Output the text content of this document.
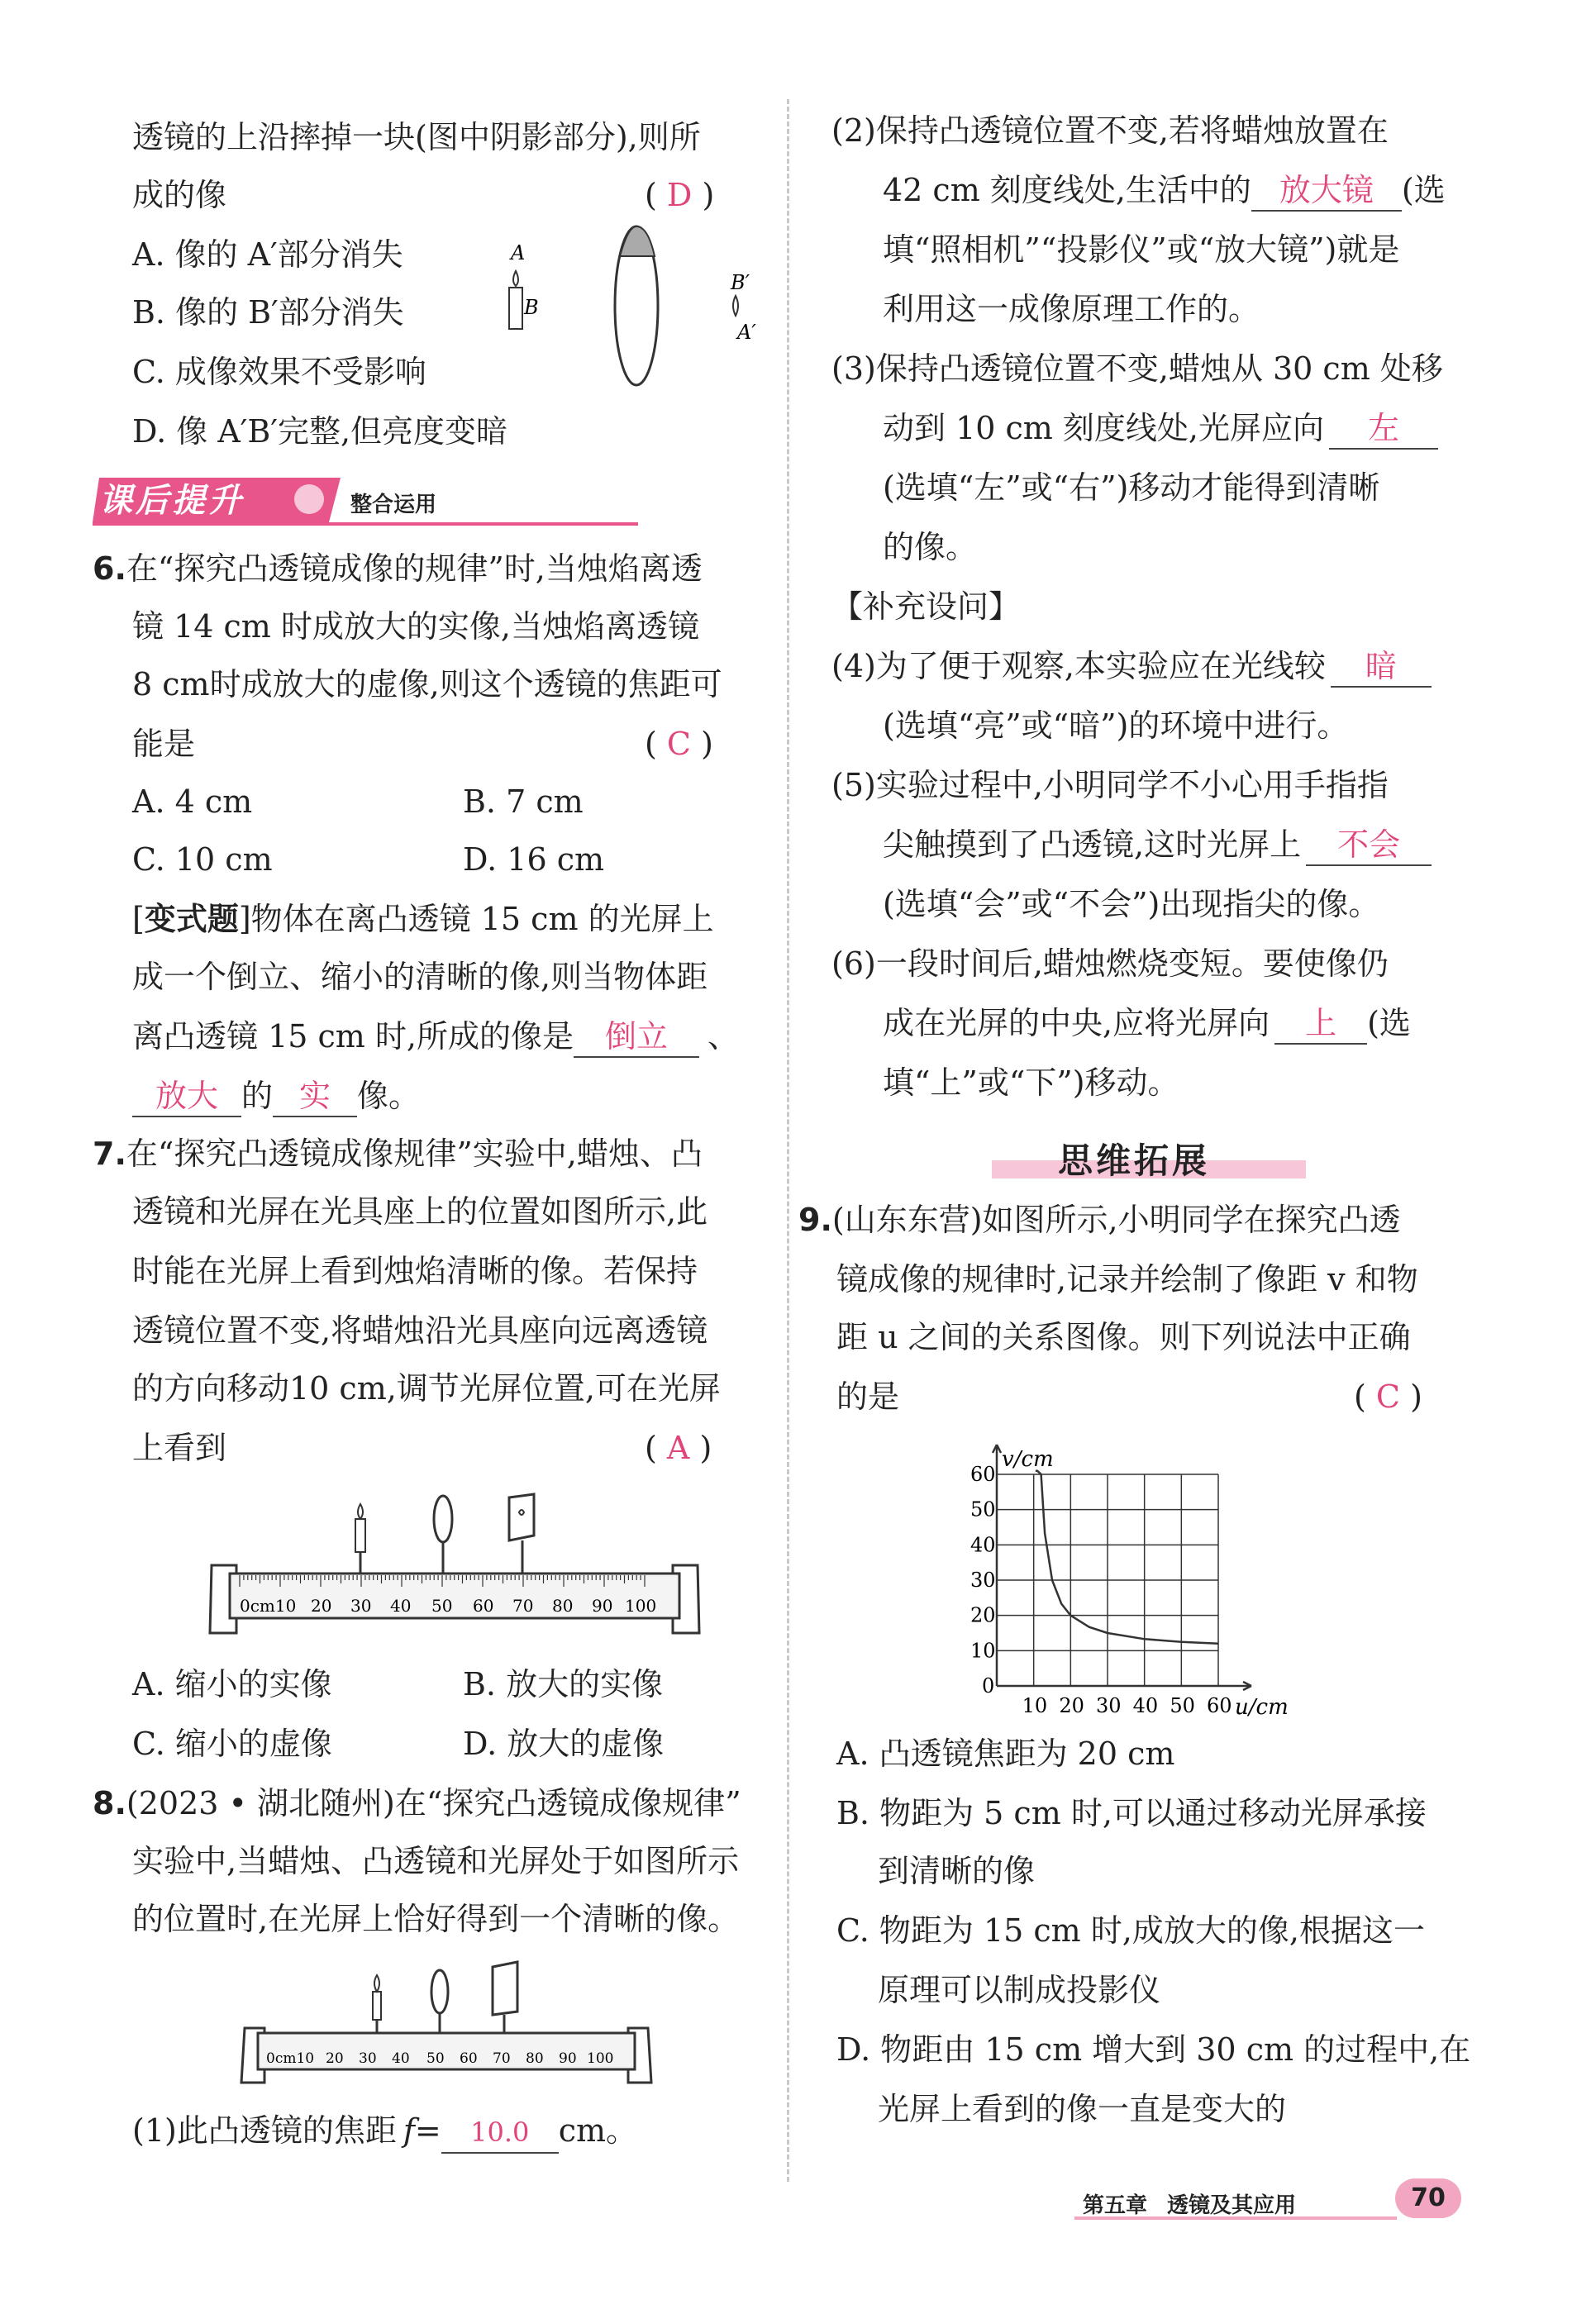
透镜的上沿摔掉一块(图中阴影部分),则所
成的像	( D )
A. 像的 A′部分消失
B. 像的 B′部分消失
C. 成像效果不受影响
D. 像 A′B′完整,但亮度变暗
A
B
B′
A′
课后提升	整合运用
6.在“探究凸透镜成像的规律”时,当烛焰离透
镜 14 cm 时成放大的实像,当烛焰离透镜
8 cm时成放大的虚像,则这个透镜的焦距可
能是	( C )
A. 4 cm	B. 7 cm
C. 10 cm	D. 16 cm
[变式题]物体在离凸透镜 15 cm 的光屏上
成一个倒立、缩小的清晰的像,则当物体距
离凸透镜 15 cm 时,所成的像是 倒立 、
放大 的 实 像。
7.在“探究凸透镜成像规律”实验中,蜡烛、凸
透镜和光屏在光具座上的位置如图所示,此
时能在光屏上看到烛焰清晰的像。若保持
透镜位置不变,将蜡烛沿光具座向远离透镜
的方向移动10 cm,调节光屏位置,可在光屏
上看到	( A )
0cm10 20 30 40 50 60 70 80 90 100
A. 缩小的实像	B. 放大的实像
C. 缩小的虚像	D. 放大的虚像
8.(2023 • 湖北随州)在“探究凸透镜成像规律”
实验中,当蜡烛、凸透镜和光屏处于如图所示
的位置时,在光屏上恰好得到一个清晰的像。
0cm10 20 30 40 50 60 70 80 90 100
(1)此凸透镜的焦距 f= 10.0 cm。
(2)保持凸透镜位置不变,若将蜡烛放置在
42 cm 刻度线处,生活中的 放大镜 (选
填“照相机”“投影仪”或“放大镜”)就是
利用这一成像原理工作的。
(3)保持凸透镜位置不变,蜡烛从 30 cm 处移
动到 10 cm 刻度线处,光屏应向 左
(选填“左”或“右”)移动才能得到清晰
的像。
【补充设问】
(4)为了便于观察,本实验应在光线较 暗
(选填“亮”或“暗”)的环境中进行。
(5)实验过程中,小明同学不小心用手指指
尖触摸到了凸透镜,这时光屏上 不会
(选填“会”或“不会”)出现指尖的像。
(6)一段时间后,蜡烛燃烧变短。要使像仍
成在光屏的中央,应将光屏向 上 (选
填“上”或“下”)移动。
思维拓展
9.(山东东营)如图所示,小明同学在探究凸透
镜成像的规律时,记录并绘制了像距 v 和物
距 u 之间的关系图像。则下列说法中正确
的是	( C )
10 20 30 40 50 60
0
10
20
30
40
50
60
u/cm
v/cm
A. 凸透镜焦距为 20 cm
B. 物距为 5 cm 时,可以通过移动光屏承接
到清晰的像
C. 物距为 15 cm 时,成放大的像,根据这一
原理可以制成投影仪
D. 物距由 15 cm 增大到 30 cm 的过程中,在
光屏上看到的像一直是变大的
第五章 透镜及其应用	70
